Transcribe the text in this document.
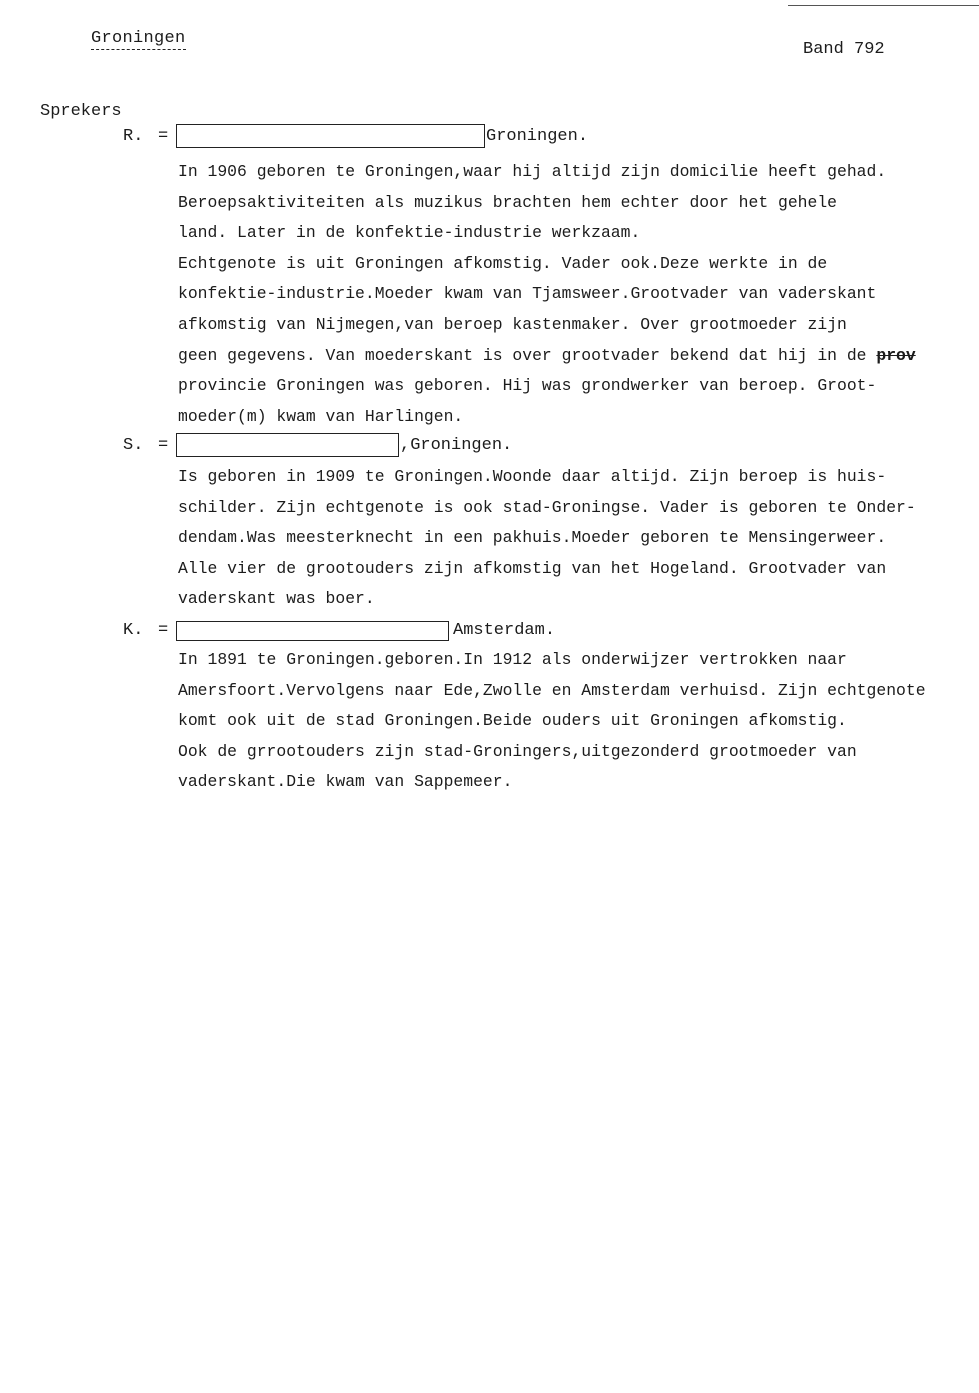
Groningen
Band 792
Sprekers
R. =	Groningen.
In 1906 geboren te Groningen,waar hij altijd zijn domicilie heeft gehad.
Beroepsaktiviteiten als muzikus brachten hem echter door het gehele
land. Later in de konfektie-industrie werkzaam.
Echtgenote is uit Groningen afkomstig. Vader ook.Deze werkte in de
konfektie-industrie.Moeder kwam van Tjamsweer.Grootvader van vaderskant
afkomstig van Nijmegen,van beroep kastenmaker. Over grootmoeder zijn
geen gegevens. Van moederskant is over grootvader bekend dat hij in de prov
provincie Groningen was geboren. Hij was grondwerker van beroep. Groot-
moeder(m) kwam van Harlingen.
S. =	,Groningen.
Is geboren in 1909 te Groningen.Woonde daar altijd. Zijn beroep is huis-
schilder. Zijn echtgenote is ook stad-Groningse. Vader is geboren te Onder-
dendam.Was meesterknecht in een pakhuis.Moeder geboren te Mensingerweer.
Alle vier de grootouders zijn afkomstig van het Hogeland. Grootvader van
vaderskant was boer.
K. =	Amsterdam.
In 1891 te Groningen.geboren.In 1912 als onderwijzer vertrokken naar
Amersfoort.Vervolgens naar Ede,Zwolle en Amsterdam verhuisd. Zijn echtgenote
komt ook uit de stad Groningen.Beide ouders uit Groningen afkomstig.
Ook de grrootouders zijn stad-Groningers,uitgezonderd grootmoeder van
vaderskant.Die kwam van Sappemeer.
